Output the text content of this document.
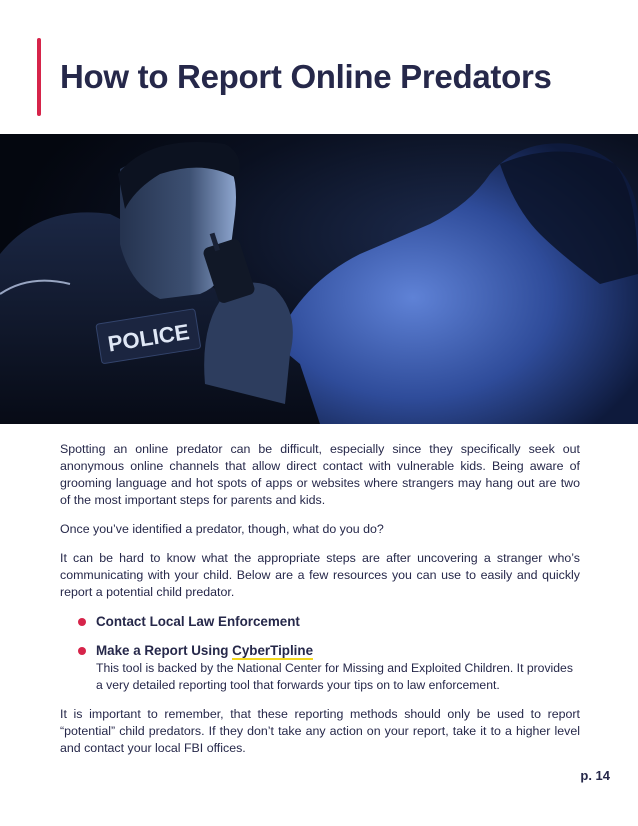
How to Report Online Predators
POLICE

Spotting an online predator can be difficult, especially since they specifically seek out anonymous online channels that allow direct contact with vulnerable kids. Being aware of grooming language and hot spots of apps or websites where strangers may hang out are two of the most important steps for parents and kids.

Once you’ve identified a predator, though, what do you do?

It can be hard to know what the appropriate steps are after uncovering a stranger who’s communicating with your child. Below are a few resources you can use to easily and quickly report a potential child predator.

Contact Local Law Enforcement
Make a Report Using CyberTipline
This tool is backed by the National Center for Missing and Exploited Children. It provides a very detailed reporting tool that forwards your tips on to law enforcement.

It is important to remember, that these reporting methods should only be used to report “potential” child predators. If they don’t take any action on your report, take it to a higher level and contact your local FBI offices.

p. 14
